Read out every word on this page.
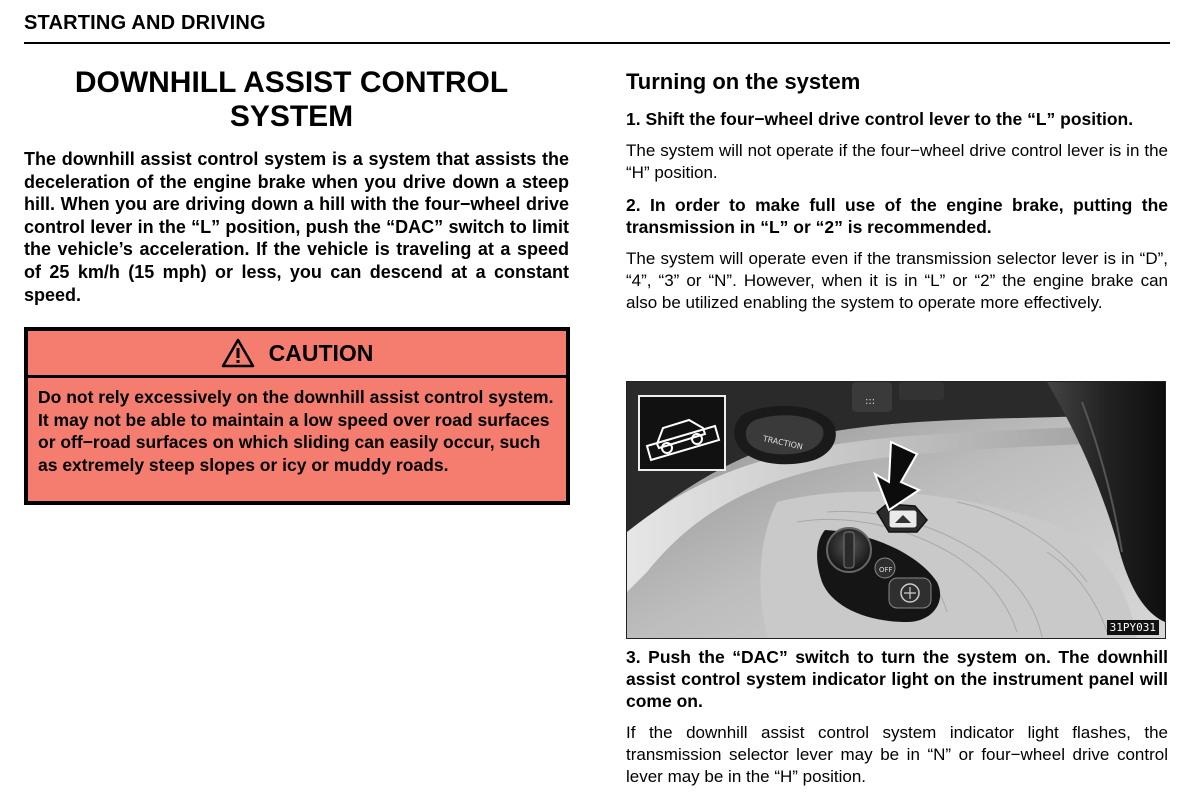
STARTING AND DRIVING
DOWNHILL ASSIST CONTROL
SYSTEM

The downhill assist control system is a system that assists the deceleration of the engine brake when you drive down a steep hill. When you are driving down a hill with the four−wheel drive control lever in the “L” position, push the “DAC” switch to limit the vehicle’s acceleration. If the vehicle is traveling at a speed of 25 km/h (15 mph) or less, you can descend at a constant speed.

CAUTION
Do not rely excessively on the downhill assist control system. It may not be able to maintain a low speed over road surfaces or off−road surfaces on which sliding can easily occur, such as extremely steep slopes or icy or muddy roads.
Turning on the system

1. Shift the four−wheel drive control lever to the “L” position.

The system will not operate if the four−wheel drive control lever is in the “H” position.

2. In order to make full use of the engine brake, putting the transmission in “L” or “2” is recommended.

The system will operate even if the transmission selector lever is in “D”, “4”, “3” or “N”. However, when it is in “L” or “2” the engine brake can also be utilized enabling the system to operate more effectively.

TRACTION
:::
OFF
31PY031

3. Push the “DAC” switch to turn the system on. The downhill assist control system indicator light on the instrument panel will come on.

If the downhill assist control system indicator light flashes, the transmission selector lever may be in “N” or four−wheel drive control lever may be in the “H” position.
